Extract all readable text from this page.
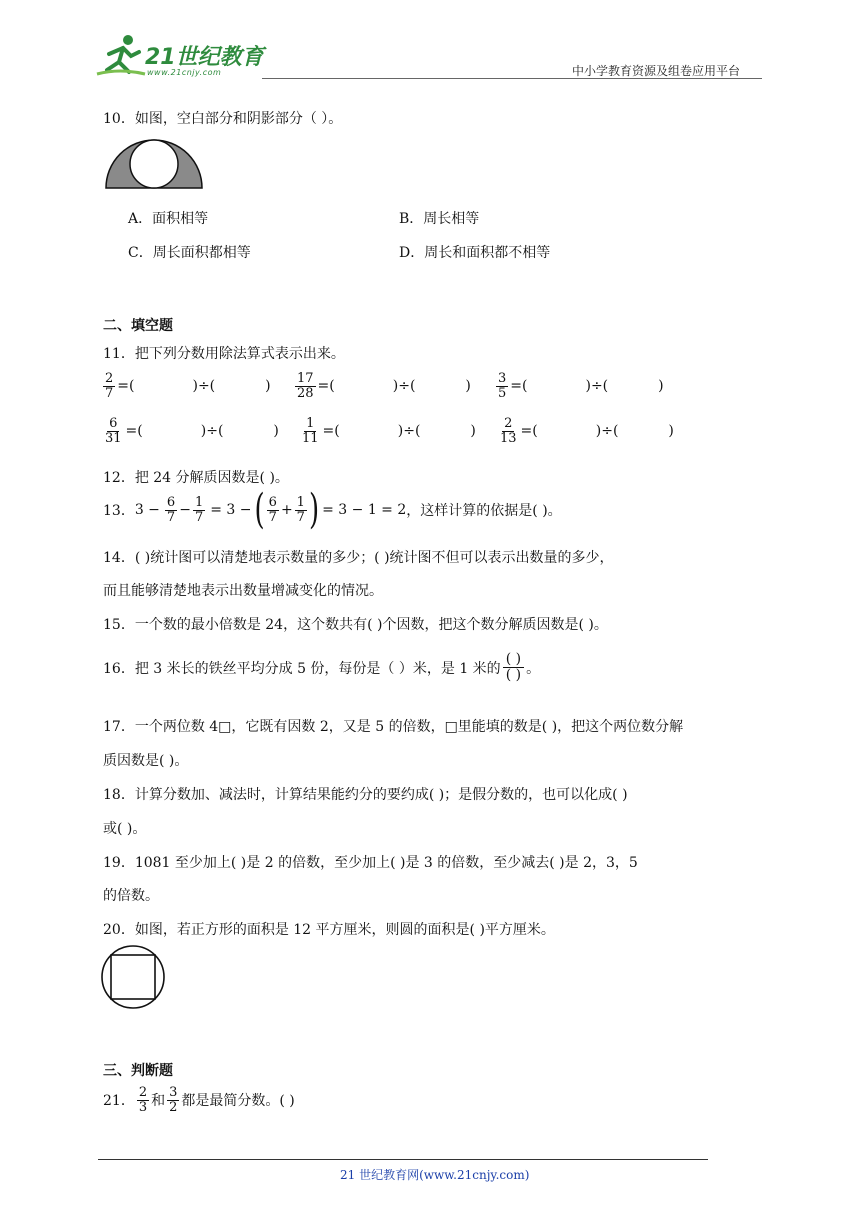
21世纪教育
www.21cnjy.com	中小学教育资源及组卷应用平台
10．如图，空白部分和阴影部分（ ）。
A．面积相等	B．周长相等
C．周长面积都相等	D．周长和面积都不相等
二、填空题
11．把下列分数用除法算式表示出来。
$\frac{2}{7}$ =(	)÷(	) $\frac{17}{28}$ =(	)÷(	) $\frac{3}{5}$ =(	)÷(	)
$\frac{6}{31}$ =(	)÷(	) $\frac{1}{11}$ =(	)÷(	) $\frac{2}{13}$ =(	)÷(	)
12．把 24 分解质因数是( )。
13． $3 - \frac{6}{7} - \frac{1}{7} = 3$ − ( $\frac{6}{7} + \frac{1}{7}$ ) = 3 − 1 = 2 ，这样计算的依据是( )。
14．( )统计图可以清楚地表示数量的多少；( )统计图不但可以表示出数量的多少，
而且能够清楚地表示出数量增减变化的情况。
15．一个数的最小倍数是 24，这个数共有( )个因数，把这个数分解质因数是( )。
16．把 3 米长的铁丝平均分成 5 份，每份是（ ）米，是 1 米的 $\frac{( )}{( )}$ 。
17．一个两位数 4□，它既有因数 2，又是 5 的倍数，□里能填的数是( )，把这个两位数分解
质因数是( )。
18．计算分数加、减法时，计算结果能约分的要约成( )；是假分数的，也可以化成( )
或( )。
19．1081 至少加上( )是 2 的倍数，至少加上( )是 3 的倍数，至少减去( )是 2，3，5
的倍数。
20．如图，若正方形的面积是 12 平方厘米，则圆的面积是( )平方厘米。
三、判断题
21． $\frac{2}{3}$ 和 $\frac{3}{2}$ 都是最简分数。( )
21 世纪教育网(www.21cnjy.com)
